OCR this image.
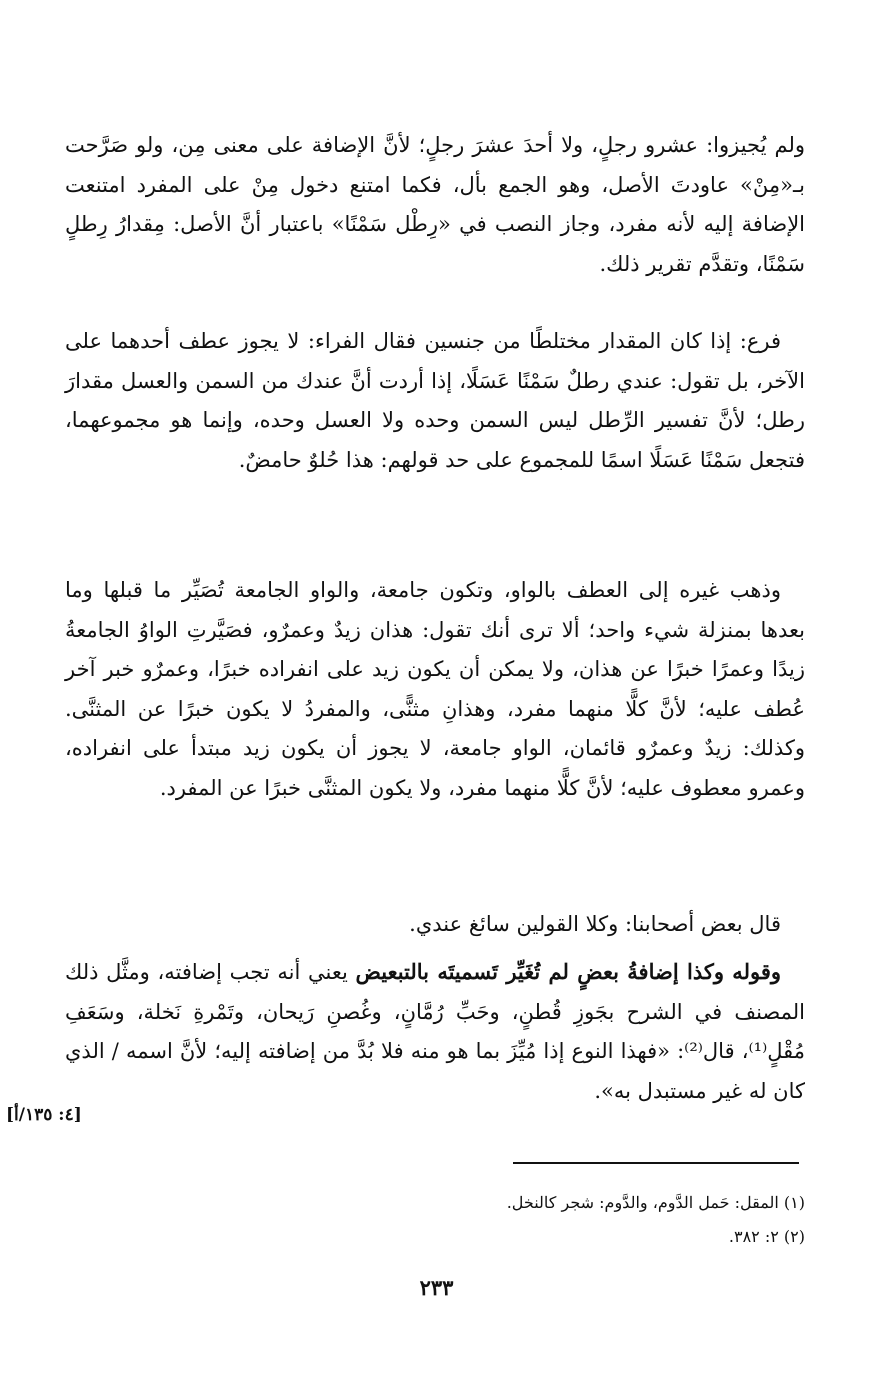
ولم يُجيزوا: عشرو رجلٍ، ولا أحدَ عشرَ رجلٍ؛ لأنَّ الإضافة على معنى مِن، ولو صَرَّحت بـ«مِنْ» عاودتَ الأصل، وهو الجمع بأل، فكما امتنع دخول مِنْ على المفرد امتنعت الإضافة إليه لأنه مفرد، وجاز النصب في «رِطْل سَمْنًا» باعتبار أنَّ الأصل: مِقدارُ رِطلٍ سَمْنًا، وتقدَّم تقرير ذلك.
فرع: إذا كان المقدار مختلطًا من جنسين فقال الفراء: لا يجوز عطف أحدهما على الآخر، بل تقول: عندي رطلٌ سَمْنًا عَسَلًا، إذا أردت أنَّ عندك من السمن والعسل مقدارَ رطل؛ لأنَّ تفسير الرِّطل ليس السمن وحده ولا العسل وحده، وإنما هو مجموعهما، فتجعل سَمْنًا عَسَلًا اسمًا للمجموع على حد قولهم: هذا حُلوٌ حامضٌ.
وذهب غيره إلى العطف بالواو، وتكون جامعة، والواو الجامعة تُصَيِّر ما قبلها وما بعدها بمنزلة شيء واحد؛ ألا ترى أنك تقول: هذان زيدٌ وعمرٌو، فصَيَّرتِ الواوُ الجامعةُ زيدًا وعمرًا خبرًا عن هذان، ولا يمكن أن يكون زيد على انفراده خبرًا، وعمرٌو خبر آخر عُطف عليه؛ لأنَّ كلًّا منهما مفرد، وهذانِ مثنًّى، والمفردُ لا يكون خبرًا عن المثنَّى. وكذلك: زيدٌ وعمرٌو قائمان، الواو جامعة، لا يجوز أن يكون زيد مبتدأ على انفراده، وعمرو معطوف عليه؛ لأنَّ كلًّا منهما مفرد، ولا يكون المثنَّى خبرًا عن المفرد.
قال بعض أصحابنا: وكلا القولين سائغ عندي.
وقوله وكذا إضافةُ بعضٍ لم تُغَيِّر تَسميتَه بالتبعيض يعني أنه تجب إضافته، ومثَّل ذلك المصنف في الشرح بجَوزِ قُطنٍ، وحَبِّ رُمَّانٍ، وغُصنِ رَيحان، وتَمْرةِ نَخلة، وسَعَفِ مُقْلٍ⁽¹⁾، قال⁽²⁾: «فهذا النوع إذا مُيِّزَ بما هو منه فلا بُدَّ من إضافته إليه؛ لأنَّ اسمه / الذي كان له غير مستبدل به».
[٤: ١٣٥/أ]
(١) المقل: حَمل الدَّوم، والدَّوم: شجر كالنخل.
(٢) ٢: ٣٨٢.
٢٣٣
